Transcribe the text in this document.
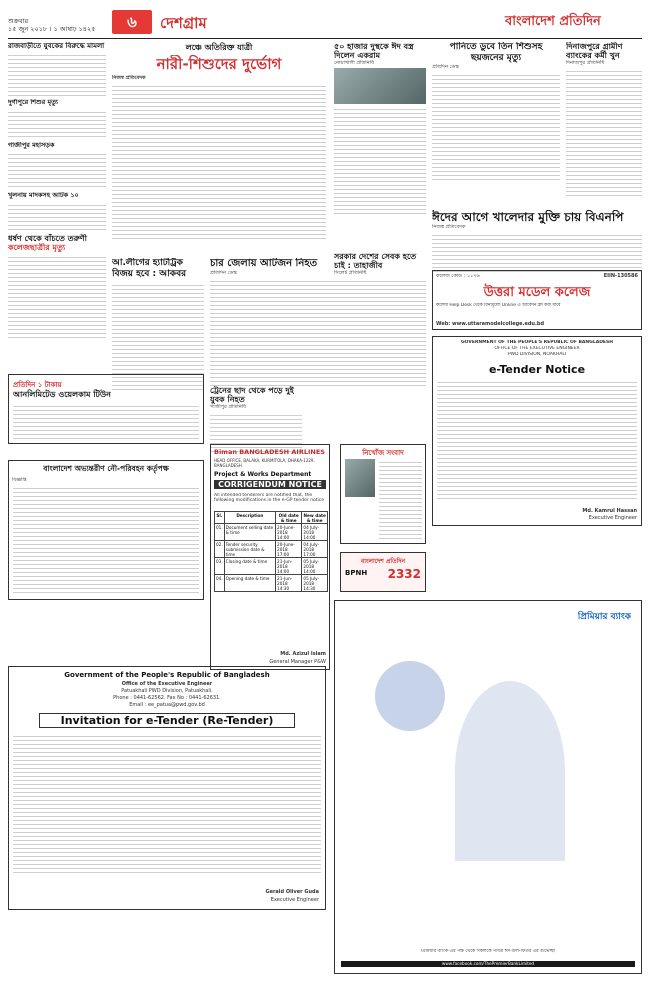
শুক্রবার
১৫ জুন ২০১৮ । ১ আষাঢ় ১৪২৫	৬	দেশগ্রাম	বাংলাদেশ প্রতিদিন
রাজবাড়ীতে যুবকের বিরুদ্ধে মামলা
দুর্গাপুরে শিশুর মৃত্যু
গাজীপুর মহাসড়ক
খুলনায় মাদকসহ আটক ১০
ধর্ষণ থেকে বাঁচতে তরুণী
কলেজছাত্রীর মৃত্যু
লঞ্চে অতিরিক্ত যাত্রী
নারী-শিশুদের দুর্ভোগ
নিজস্ব প্রতিবেদক
৫০ হাজার দুস্থকে ঈদ বস্ত্র দিলেন একরাম
নোয়াখালী প্রতিনিধি
পানিতে ডুবে তিন শিশুসহ ছয়জনের মৃত্যু
প্রতিদিন ডেস্ক
দিনাজপুরে গ্রামীণ ব্যাংকের কর্মী খুন
দিনাজপুর প্রতিনিধি
ঈদের আগে খালেদার মুক্তি চায় বিএনপি
নিজস্ব প্রতিবেদক
আ.লীগের হ্যাটট্রিক বিজয় হবে : আকবর
চার জেলায় আটজন নিহত
প্রতিদিন ডেস্ক
ট্রেনের ছাদ থেকে পড়ে দুই যুবক নিহত
গাজীপুর প্রতিনিধি
সরকার দেশের সেবক হতে চাই : তাহাজীব
সিলেট প্রতিনিধি	কলেজ কোড : ১১৭৬	EIIN-130586
উত্তরা মডেল কলেজ
কলেজ Help Desk থেকে বিনামূল্যে Online এ আবেদন ফ্রী করা যাবে
Web: www.uttaramodelcollege.edu.bd
প্রতিদিন ১ টাকায়
আনলিমিটেড ওয়েলকাম টিউন
বাংলাদেশ অভ্যন্তরীণ নৌ-পরিবহন কর্তৃপক্ষ
বিজ্ঞপ্তি
Biman BANGLADESH AIRLINES
HEAD OFFICE, BALAKA, KURMITOLA, DHAKA-1229, BANGLADESH
Project & Works Department
CORRIGENDUM NOTICE
All intended tenderers are notified that, the following modifications in the e-GP tender notice
Sl.	Description	Old date & time	New date & time
01.	Document selling date & time	20-June-2018 14:00	04 July-2018 14:00
02.	Tender security submission date & time	20-June-2018 17:00	04 July-2018 17:00
03.	Closing date & time	21-Jun-2018 14:00	05 July-2018 14:00
04.	Opening date & time	21-Jun-2018 14:30	05 July-2018 14:30
Md. Azizul Islam
General Manager P&W
নিখোঁজ সংবাদ
বাংলাদেশ প্রতিদিন
BPNH 2332
GOVERNMENT OF THE PEOPLE'S REPUBLIC OF BANGLADESH
OFFICE OF THE EXECUTIVE ENGINEER
PWD DIVISION, NOAKHALI
e-Tender Notice
Md. Kamrul Hassan
Executive Engineer
Government of the People's Republic of Bangladesh
Office of the Executive Engineer
Patuakhali PWD Division, Patuakhali.
Phone : 0441-62562. Fax No : 0441-62631.
Email : ee_patua@pwd.gov.bd
Invitation for e-Tender (Re-Tender)
Gerald Oliver Guda
Executive Engineer
প্রিমিয়ার ব্যাংক
প্রিমিয়ার ব্যাংক-এর পক্ষ থেকে সকলকে পবিত্র ঈদ-উল-ফিতর এর শুভেচ্ছা
www.facebook.com/ThePremierBankLimited
